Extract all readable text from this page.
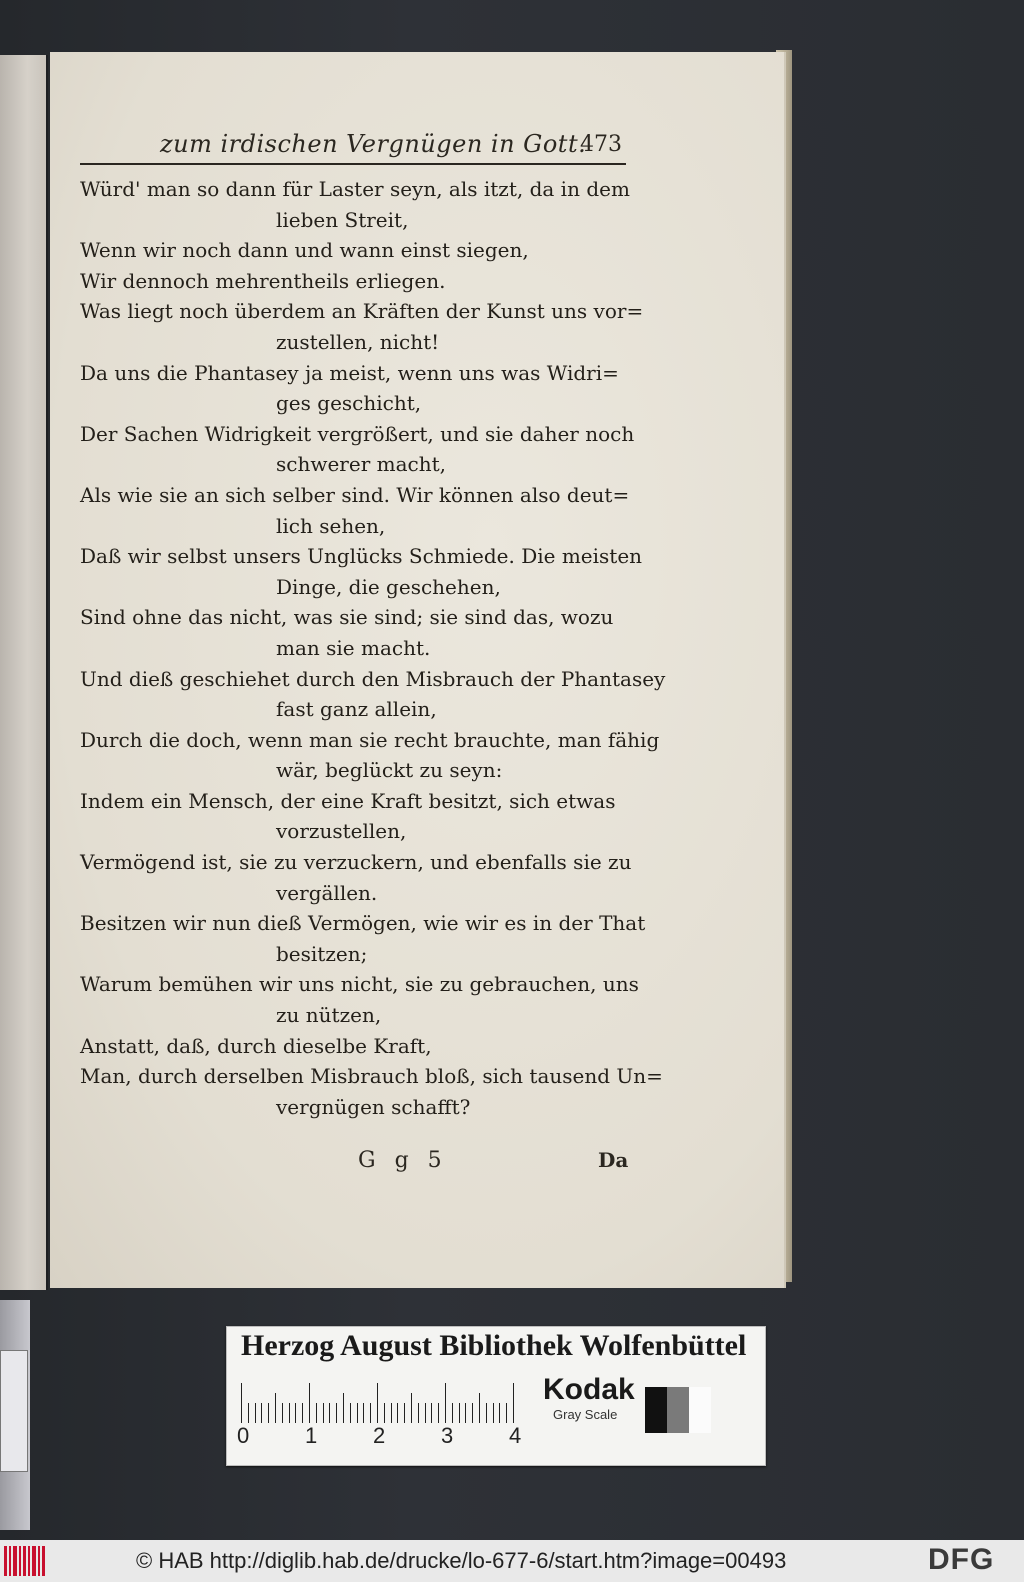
zum irdischen Vergnügen in Gott.
473
Würd' man so dann für Laster seyn, als itzt, da in dem
lieben Streit,
Wenn wir noch dann und wann einst siegen,
Wir dennoch mehrentheils erliegen.
Was liegt noch überdem an Kräften der Kunst uns vor=
zustellen, nicht!
Da uns die Phantasey ja meist, wenn uns was Widri=
ges geschicht,
Der Sachen Widrigkeit vergrößert, und sie daher noch
schwerer macht,
Als wie sie an sich selber sind. Wir können also deut=
lich sehen,
Daß wir selbst unsers Unglücks Schmiede. Die meisten
Dinge, die geschehen,
Sind ohne das nicht, was sie sind; sie sind das, wozu
man sie macht.
Und dieß geschiehet durch den Misbrauch der Phantasey
fast ganz allein,
Durch die doch, wenn man sie recht brauchte, man fähig
wär, beglückt zu seyn:
Indem ein Mensch, der eine Kraft besitzt, sich etwas
vorzustellen,
Vermögend ist, sie zu verzuckern, und ebenfalls sie zu
vergällen.
Besitzen wir nun dieß Vermögen, wie wir es in der That
besitzen;
Warum bemühen wir uns nicht, sie zu gebrauchen, uns
zu nützen,
Anstatt, daß, durch dieselbe Kraft,
Man, durch derselben Misbrauch bloß, sich tausend Un=
vergnügen schafft?
G g 5	Da
Herzog August Bibliothek Wolfenbüttel
0	1	2	3	4
Kodak
Gray Scale
© HAB http://diglib.hab.de/drucke/lo-677-6/start.htm?image=00493	DFG
